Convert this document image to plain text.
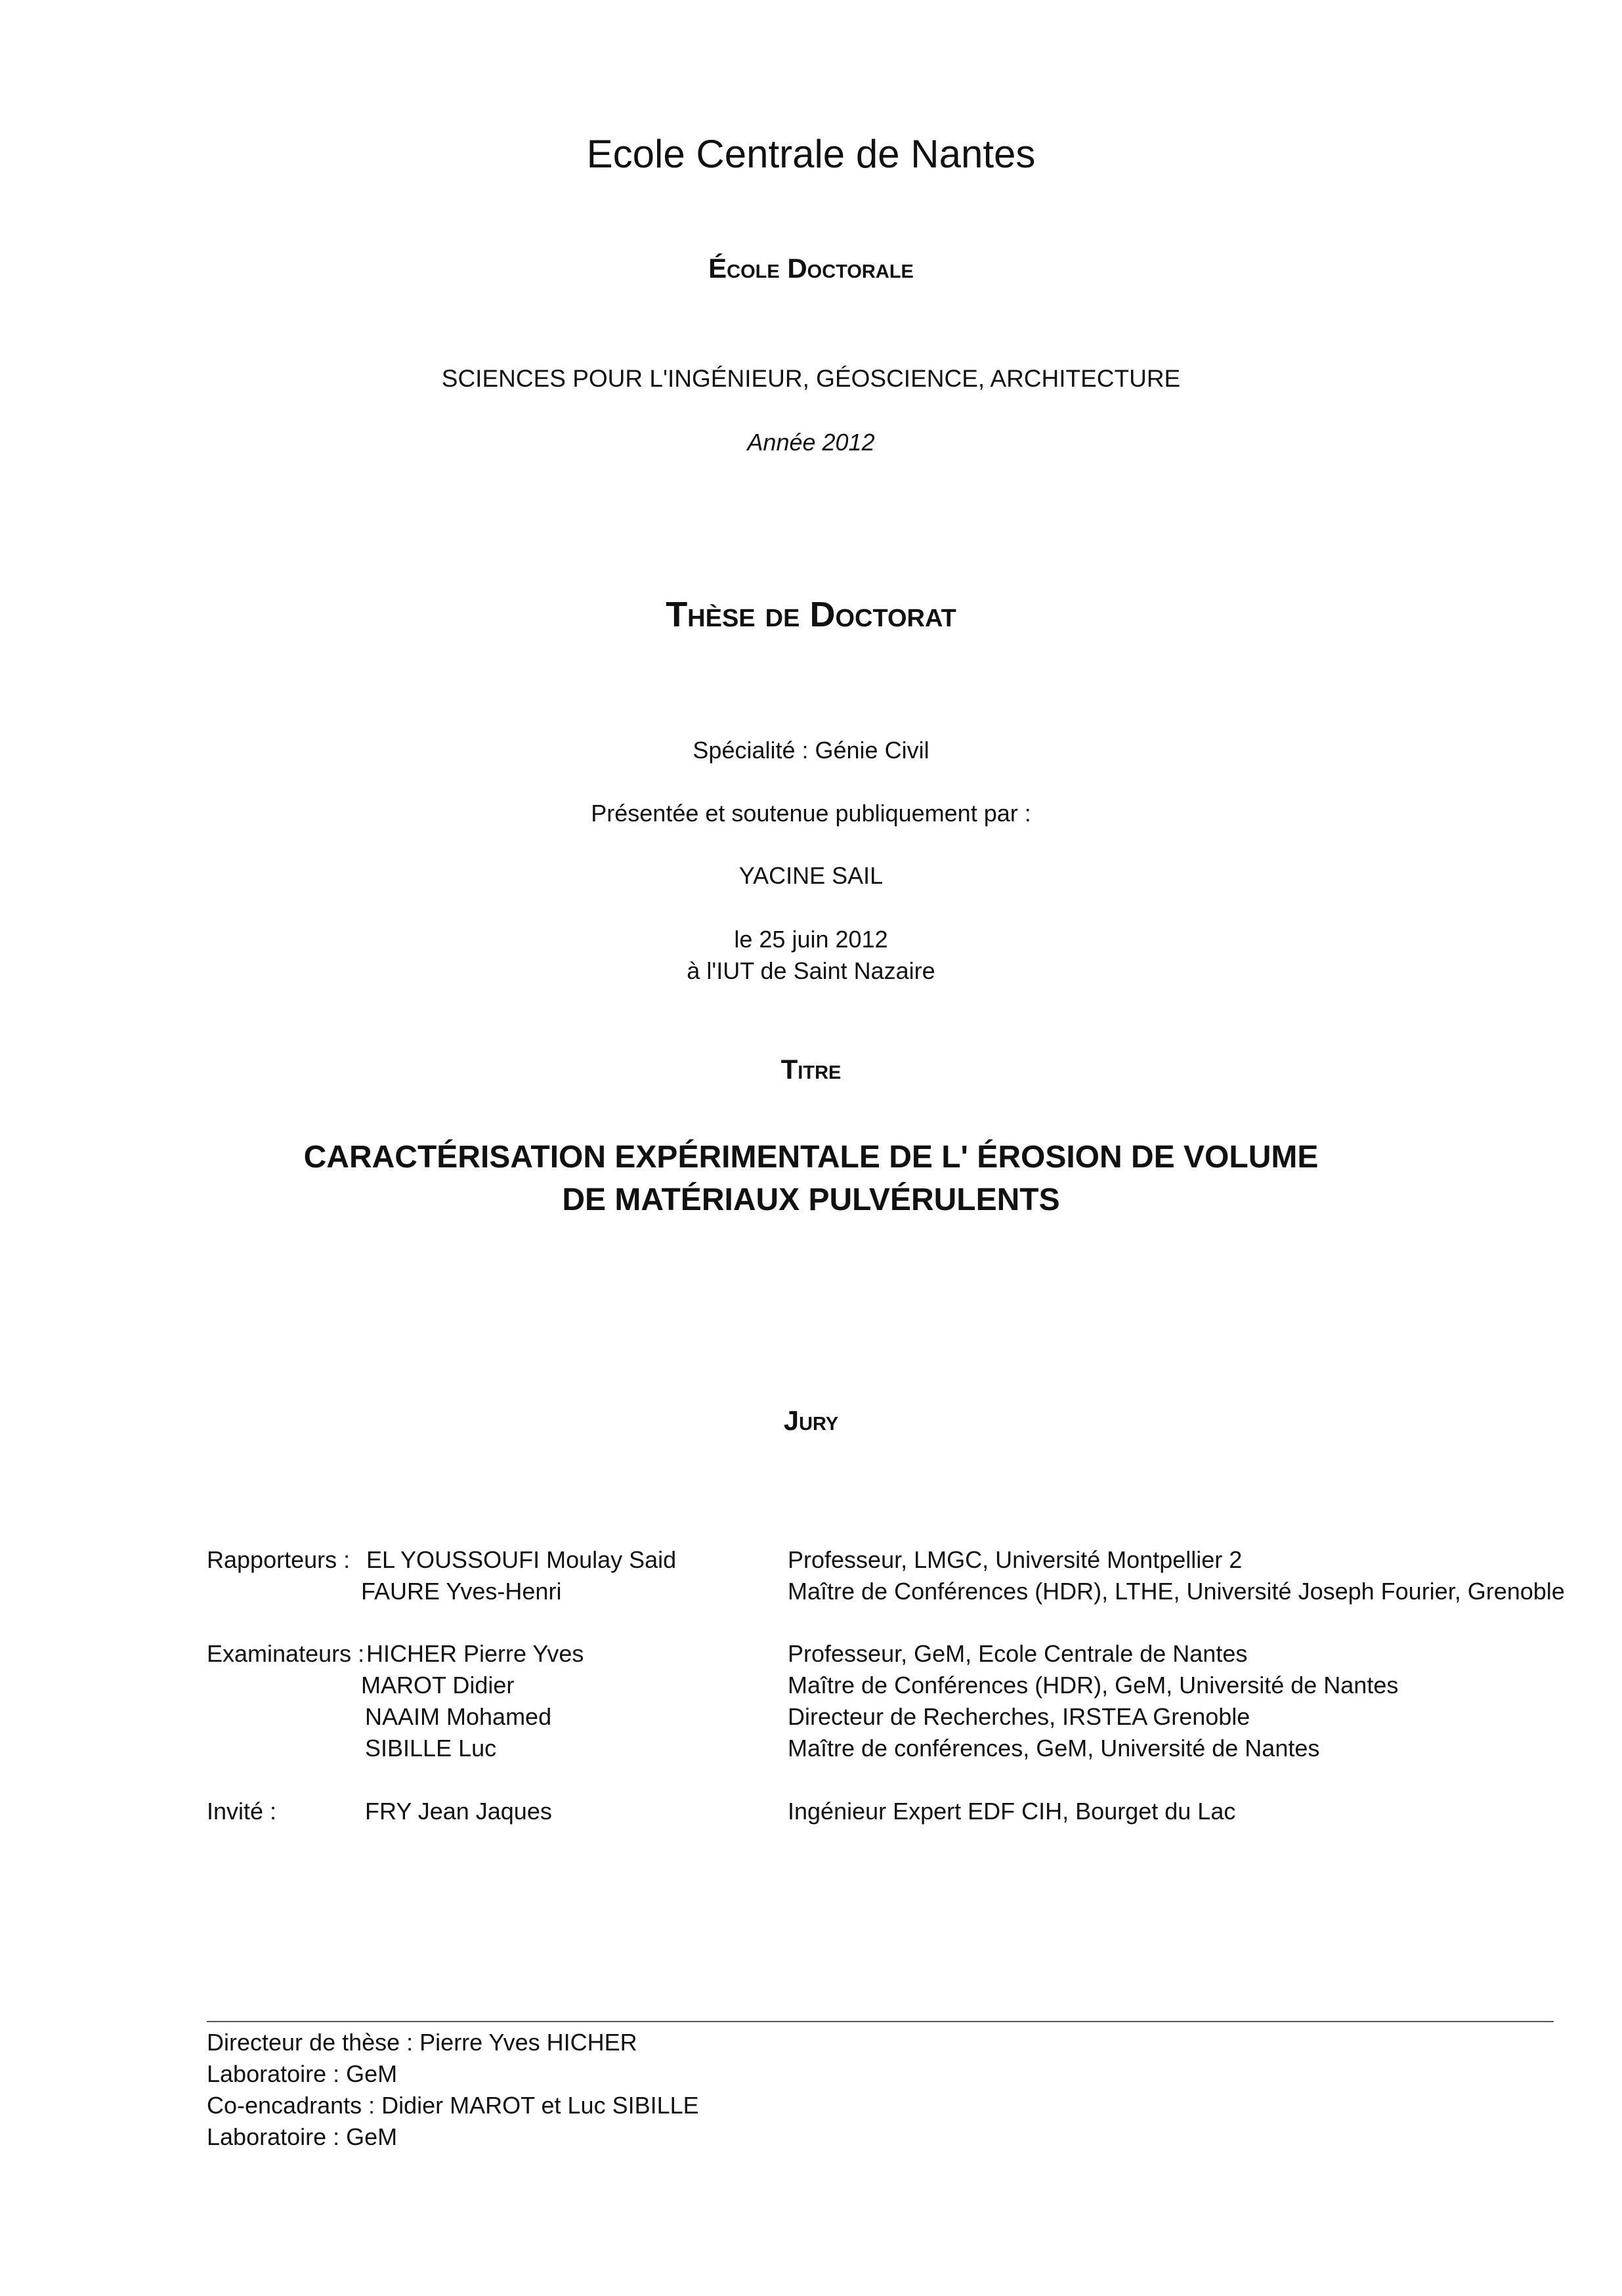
Ecole Centrale de Nantes
École Doctorale
SCIENCES POUR L'INGÉNIEUR, GÉOSCIENCE, ARCHITECTURE
Année 2012
Thèse de Doctorat
Spécialité : Génie Civil
Présentée et soutenue publiquement par :
YACINE SAIL
le 25 juin 2012
à l'IUT de Saint Nazaire
Titre
CARACTÉRISATION EXPÉRIMENTALE DE L' ÉROSION DE VOLUME
DE MATÉRIAUX PULVÉRULENTS
Jury
Rapporteurs :
Examinateurs :
Invité :
EL YOUSSOUFI Moulay Said
FAURE Yves-Henri
HICHER Pierre Yves
MAROT Didier
NAAIM Mohamed
SIBILLE Luc
FRY Jean Jaques
Professeur, LMGC, Université Montpellier 2
Maître de Conférences (HDR), LTHE, Université Joseph Fourier, Grenoble
Professeur, GeM, Ecole Centrale de Nantes
Maître de Conférences (HDR), GeM, Université de Nantes
Directeur de Recherches, IRSTEA Grenoble
Maître de conférences, GeM, Université de Nantes
Ingénieur Expert EDF CIH, Bourget du Lac
Directeur de thèse : Pierre Yves HICHER
Laboratoire : GeM
Co-encadrants : Didier MAROT et Luc SIBILLE
Laboratoire : GeM
